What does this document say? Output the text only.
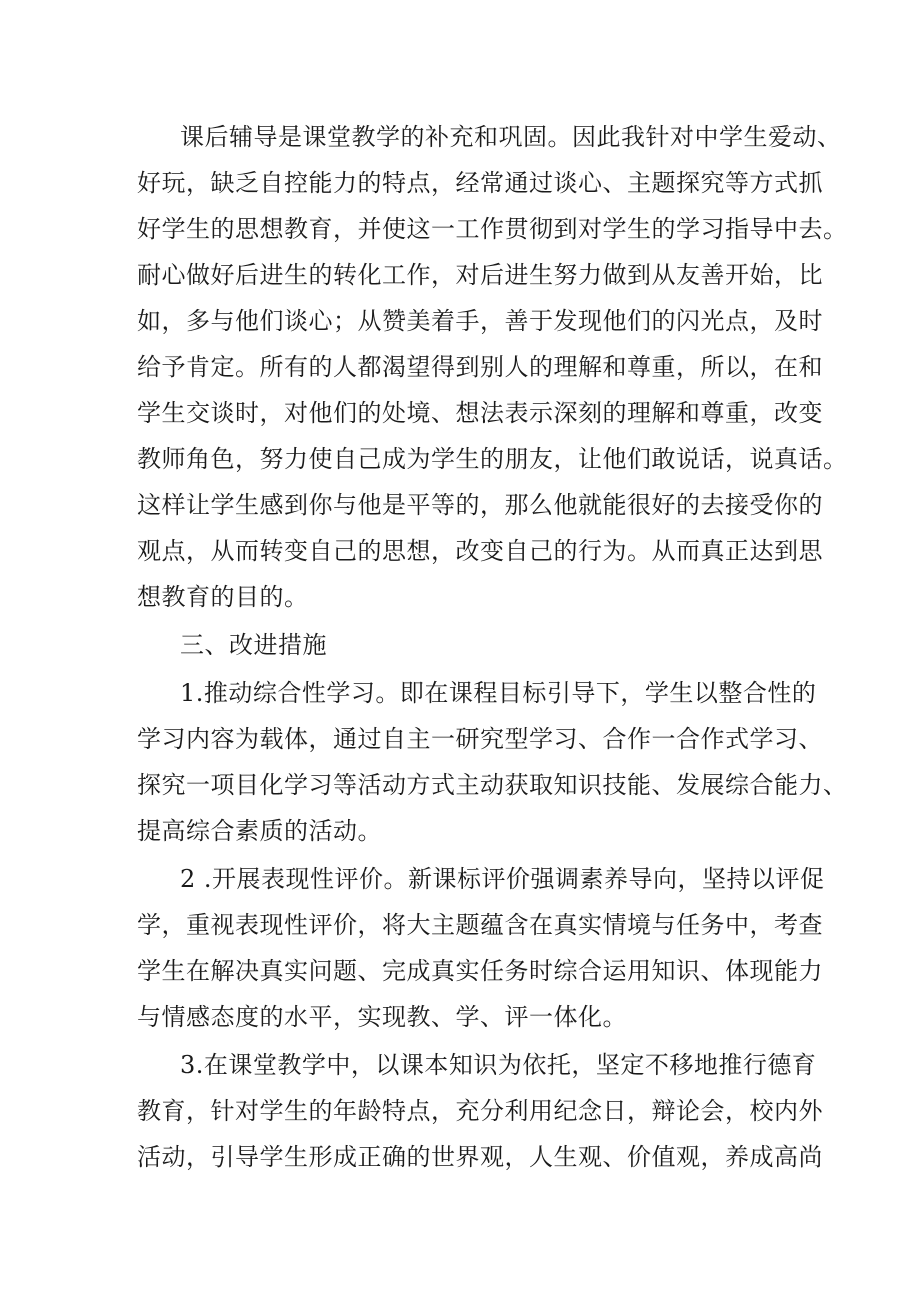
课后辅导是课堂教学的补充和巩固。因此我针对中学生爱动、
好玩，缺乏自控能力的特点，经常通过谈心、主题探究等方式抓
好学生的思想教育，并使这一工作贯彻到对学生的学习指导中去。
耐心做好后进生的转化工作，对后进生努力做到从友善开始，比
如，多与他们谈心；从赞美着手，善于发现他们的闪光点，及时
给予肯定。所有的人都渴望得到别人的理解和尊重，所以，在和
学生交谈时，对他们的处境、想法表示深刻的理解和尊重，改变
教师角色，努力使自己成为学生的朋友，让他们敢说话，说真话。
这样让学生感到你与他是平等的，那么他就能很好的去接受你的
观点，从而转变自己的思想，改变自己的行为。从而真正达到思
想教育的目的。
三、改进措施
1.推动综合性学习。即在课程目标引导下，学生以整合性的
学习内容为载体，通过自主一研究型学习、合作一合作式学习、
探究一项目化学习等活动方式主动获取知识技能、发展综合能力、
提高综合素质的活动。
2 .开展表现性评价。新课标评价强调素养导向，坚持以评促
学，重视表现性评价，将大主题蕴含在真实情境与任务中，考查
学生在解决真实问题、完成真实任务时综合运用知识、体现能力
与情感态度的水平，实现教、学、评一体化。
3.在课堂教学中，以课本知识为依托，坚定不移地推行德育
教育，针对学生的年龄特点，充分利用纪念日，辩论会，校内外
活动，引导学生形成正确的世界观，人生观、价值观，养成高尚
